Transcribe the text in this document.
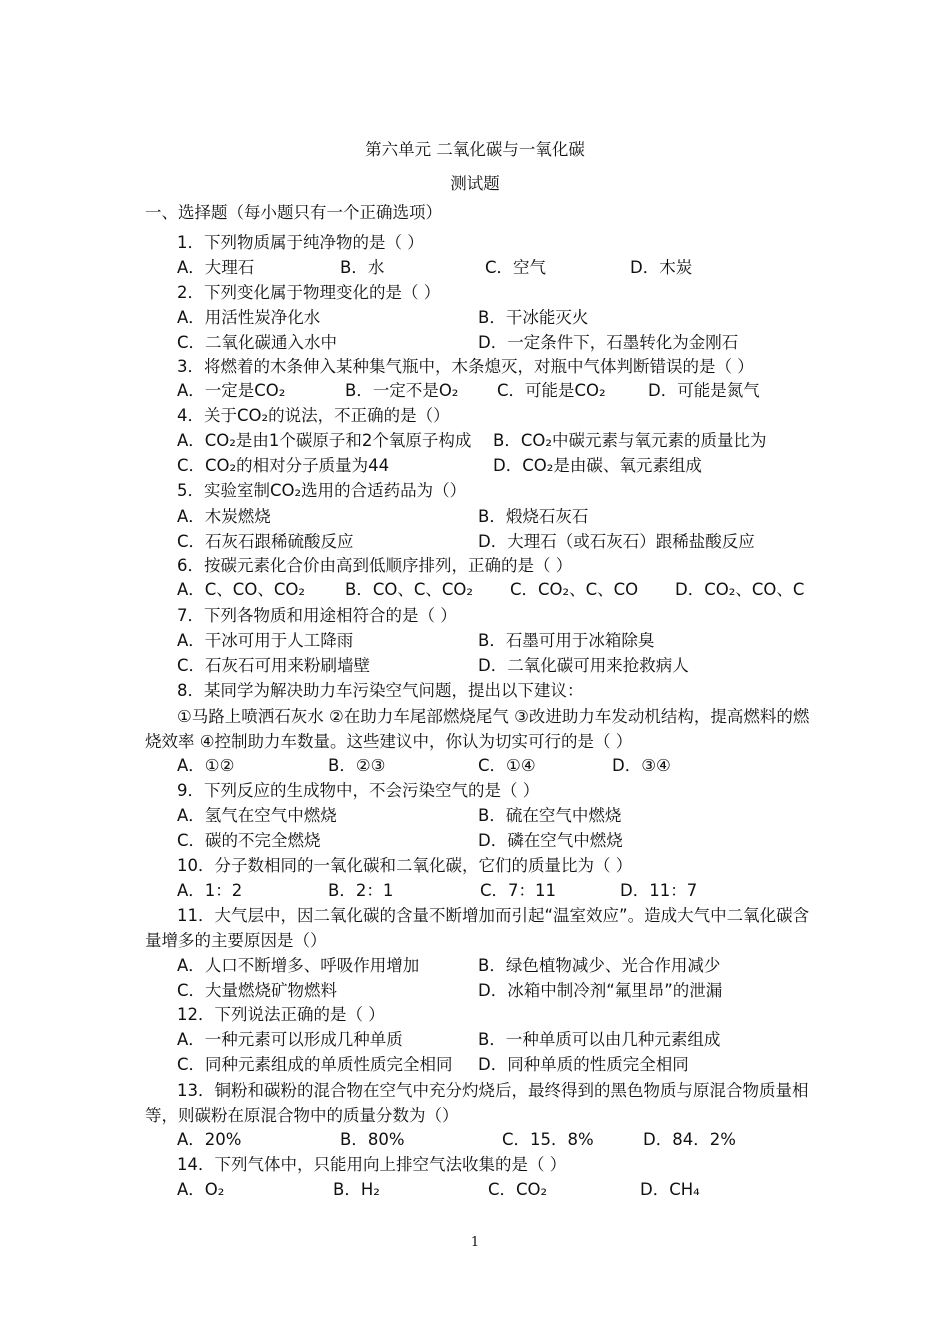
第六单元 二氧化碳与一氧化碳
测试题
一、选择题（每小题只有一个正确选项）
1．下列物质属于纯净物的是（ ）
A．大理石	B．水	C．空气	D．木炭
2．下列变化属于物理变化的是（ ）
A．用活性炭净化水	B．干冰能灭火
C．二氧化碳通入水中	D．一定条件下，石墨转化为金刚石
3．将燃着的木条伸入某种集气瓶中，木条熄灭，对瓶中气体判断错误的是（ ）
A．一定是CO₂	B．一定不是O₂ C．可能是CO₂	D．可能是氮气
4．关于CO₂的说法，不正确的是（）
A．CO₂是由1个碳原子和2个氧原子构成 B．CO₂中碳元素与氧元素的质量比为
C．CO₂的相对分子质量为44	D．CO₂是由碳、氧元素组成
5．实验室制CO₂选用的合适药品为（）
A．木炭燃烧	B．煅烧石灰石
C．石灰石跟稀硫酸反应	D．大理石（或石灰石）跟稀盐酸反应
6．按碳元素化合价由高到低顺序排列，正确的是（ ）
A．C、CO、CO₂ B．CO、C、CO₂ C．CO₂、C、CO D．CO₂、CO、C
7．下列各物质和用途相符合的是（ ）
A．干冰可用于人工降雨	B．石墨可用于冰箱除臭
C．石灰石可用来粉刷墙壁	D．二氧化碳可用来抢救病人
8．某同学为解决助力车污染空气问题，提出以下建议：
①马路上喷洒石灰水 ②在助力车尾部燃烧尾气 ③改进助力车发动机结构，提高燃料的燃烧效率 ④控制助力车数量。这些建议中，你认为切实可行的是（ ）
A．①②	B．②③	C．①④	D．③④
9．下列反应的生成物中，不会污染空气的是（ ）
A．氢气在空气中燃烧	B．硫在空气中燃烧
C．碳的不完全燃烧	D．磷在空气中燃烧
10．分子数相同的一氧化碳和二氧化碳，它们的质量比为（ ）
A．1：2	B．2：1	C．7：11	D．11：7
11．大气层中，因二氧化碳的含量不断增加而引起“温室效应”。造成大气中二氧化碳含量增多的主要原因是（）
A．人口不断增多、呼吸作用增加	B．绿色植物减少、光合作用减少
C．大量燃烧矿物燃料	D．冰箱中制冷剂“氟里昂”的泄漏
12．下列说法正确的是（ ）
A．一种元素可以形成几种单质	B．一种单质可以由几种元素组成
C．同种元素组成的单质性质完全相同 D．同种单质的性质完全相同
13．铜粉和碳粉的混合物在空气中充分灼烧后，最终得到的黑色物质与原混合物质量相等，则碳粉在原混合物中的质量分数为（）
A．20%	B．80%	C．15．8%	D．84．2%
14．下列气体中，只能用向上排空气法收集的是（ ）
A．O₂	B．H₂	C．CO₂	D．CH₄
1
